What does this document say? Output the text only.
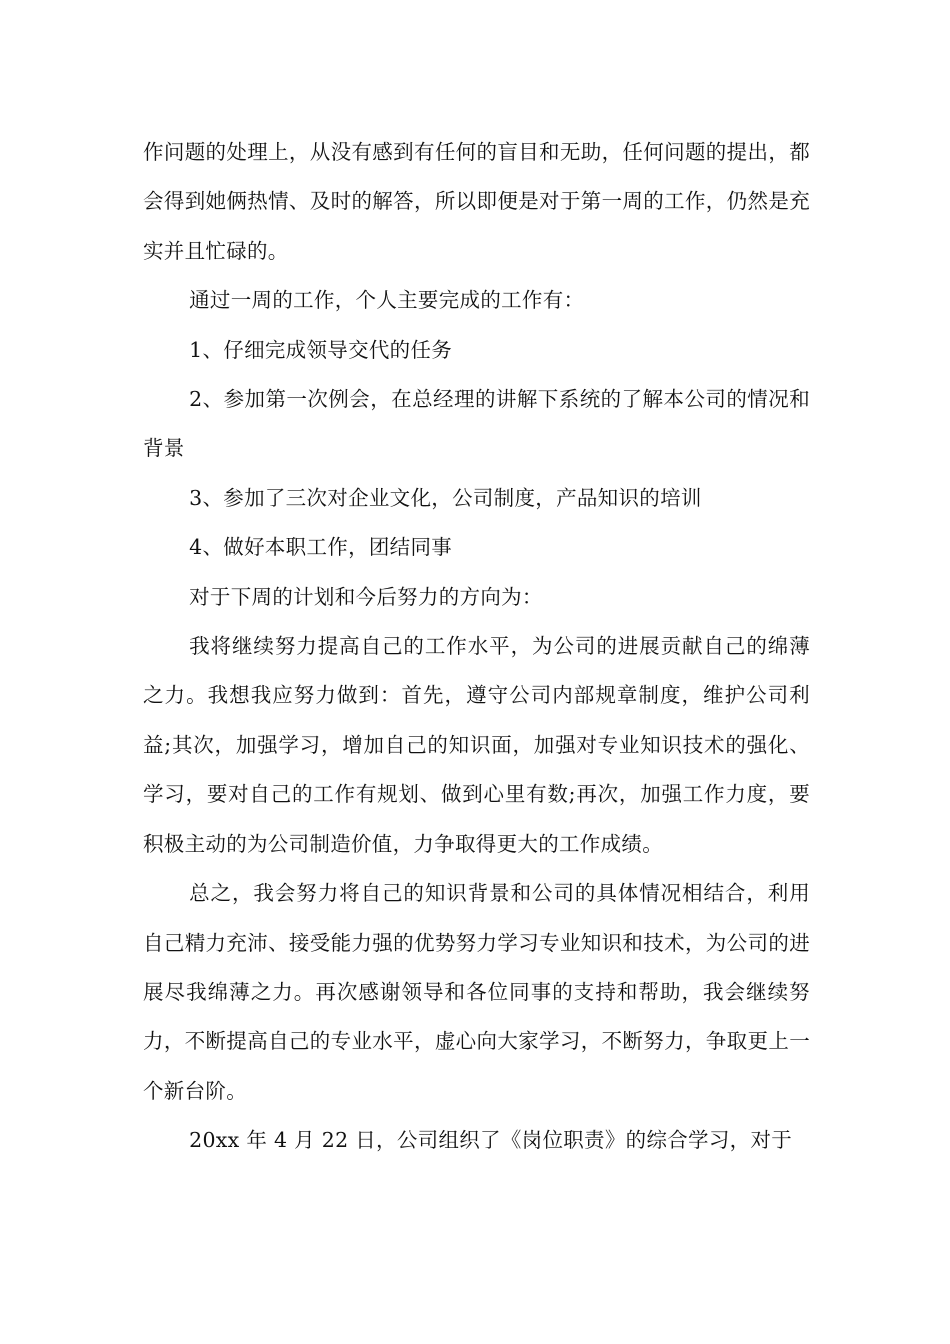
作问题的处理上，从没有感到有任何的盲目和无助，任何问题的提出，都会得到她俩热情、及时的解答，所以即便是对于第一周的工作，仍然是充实并且忙碌的。

通过一周的工作，个人主要完成的工作有：

1、仔细完成领导交代的任务

2、参加第一次例会，在总经理的讲解下系统的了解本公司的情况和背景

3、参加了三次对企业文化，公司制度，产品知识的培训

4、做好本职工作，团结同事

对于下周的计划和今后努力的方向为：

我将继续努力提高自己的工作水平，为公司的进展贡献自己的绵薄之力。我想我应努力做到：首先，遵守公司内部规章制度，维护公司利益;其次，加强学习，增加自己的知识面，加强对专业知识技术的强化、学习，要对自己的工作有规划、做到心里有数;再次，加强工作力度，要积极主动的为公司制造价值，力争取得更大的工作成绩。

总之，我会努力将自己的知识背景和公司的具体情况相结合，利用自己精力充沛、接受能力强的优势努力学习专业知识和技术，为公司的进展尽我绵薄之力。再次感谢领导和各位同事的支持和帮助，我会继续努力，不断提高自己的专业水平，虚心向大家学习，不断努力，争取更上一个新台阶。

20xx 年 4 月 22 日，公司组织了《岗位职责》的综合学习，对于
